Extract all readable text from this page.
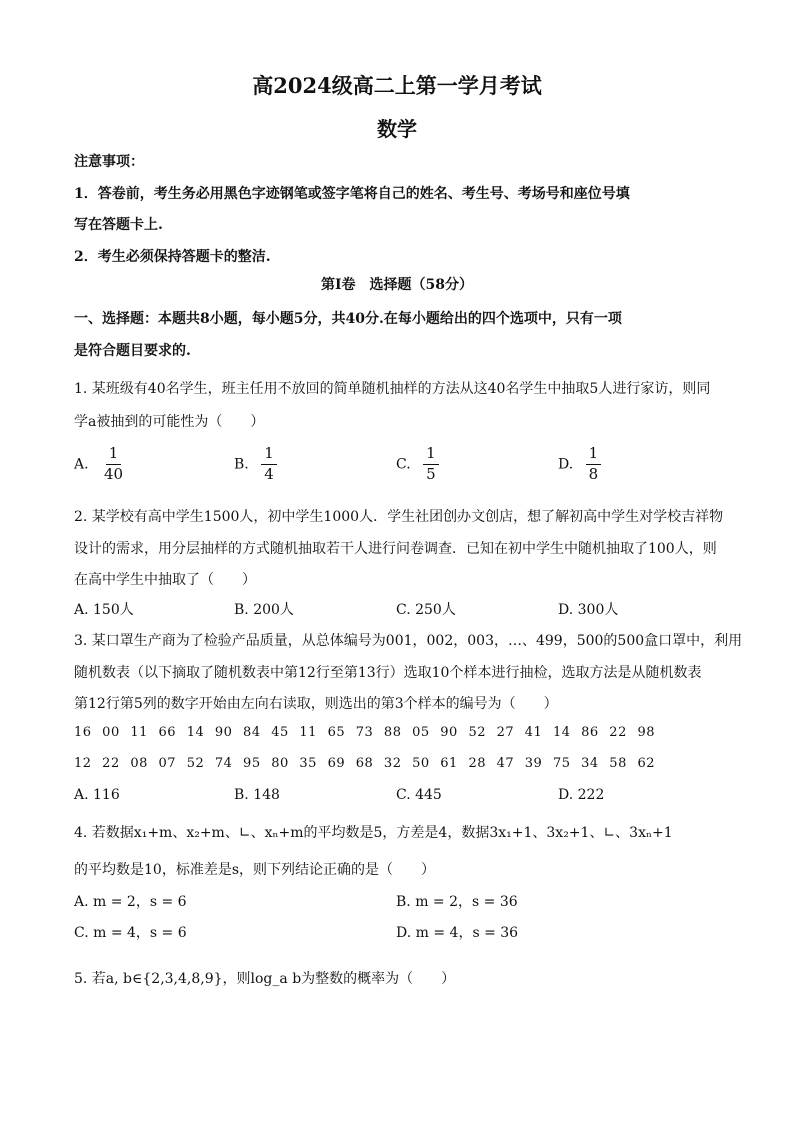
高2024级高二上第一学月考试
数学
注意事项：
1．答卷前，考生务必用黑色字迹钢笔或签字笔将自己的姓名、考生号、考场号和座位号填
写在答题卡上.
2．考生必须保持答题卡的整洁.
第I卷　选择题（58分）
一、选择题：本题共8小题，每小题5分，共40分.在每小题给出的四个选项中，只有一项
是符合题目要求的.
1. 某班级有40名学生，班主任用不放回的简单随机抽样的方法从这40名学生中抽取5人进行家访，则同
学a被抽到的可能性为（　　）
A. $\frac{1}{40}$	B. $\frac{1}{4}$	C. $\frac{1}{5}$	D. $\frac{1}{8}$
2. 某学校有高中学生1500人，初中学生1000人．学生社团创办文创店，想了解初高中学生对学校吉祥物
设计的需求，用分层抽样的方式随机抽取若干人进行问卷调查．已知在初中学生中随机抽取了100人，则
在高中学生中抽取了（　　）
A. 150人	B. 200人	C. 250人	D. 300人
3. 某口罩生产商为了检验产品质量，从总体编号为001，002，003，…、499，500的500盒口罩中，利用
随机数表（以下摘取了随机数表中第12行至第13行）选取10个样本进行抽检，选取方法是从随机数表
第12行第5列的数字开始由左向右读取，则选出的第3个样本的编号为（　　）
16 00 11 66 14 90 84 45 11 65 73 88 05 90 52 27 41 14 86 22 98
12 22 08 07 52 74 95 80 35 69 68 32 50 61 28 47 39 75 34 58 62
A. 116	B. 148	C. 445	D. 222
4. 若数据x₁+m、x₂+m、∟、xₙ+m的平均数是5，方差是4，数据3x₁+1、3x₂+1、∟、3xₙ+1
的平均数是10，标准差是s，则下列结论正确的是（　　）
A. m = 2，s = 6	B. m = 2，s = 36
C. m = 4，s = 6	D. m = 4，s = 36
5. 若a, b∈{2,3,4,8,9}，则log_a b为整数的概率为（　　）
